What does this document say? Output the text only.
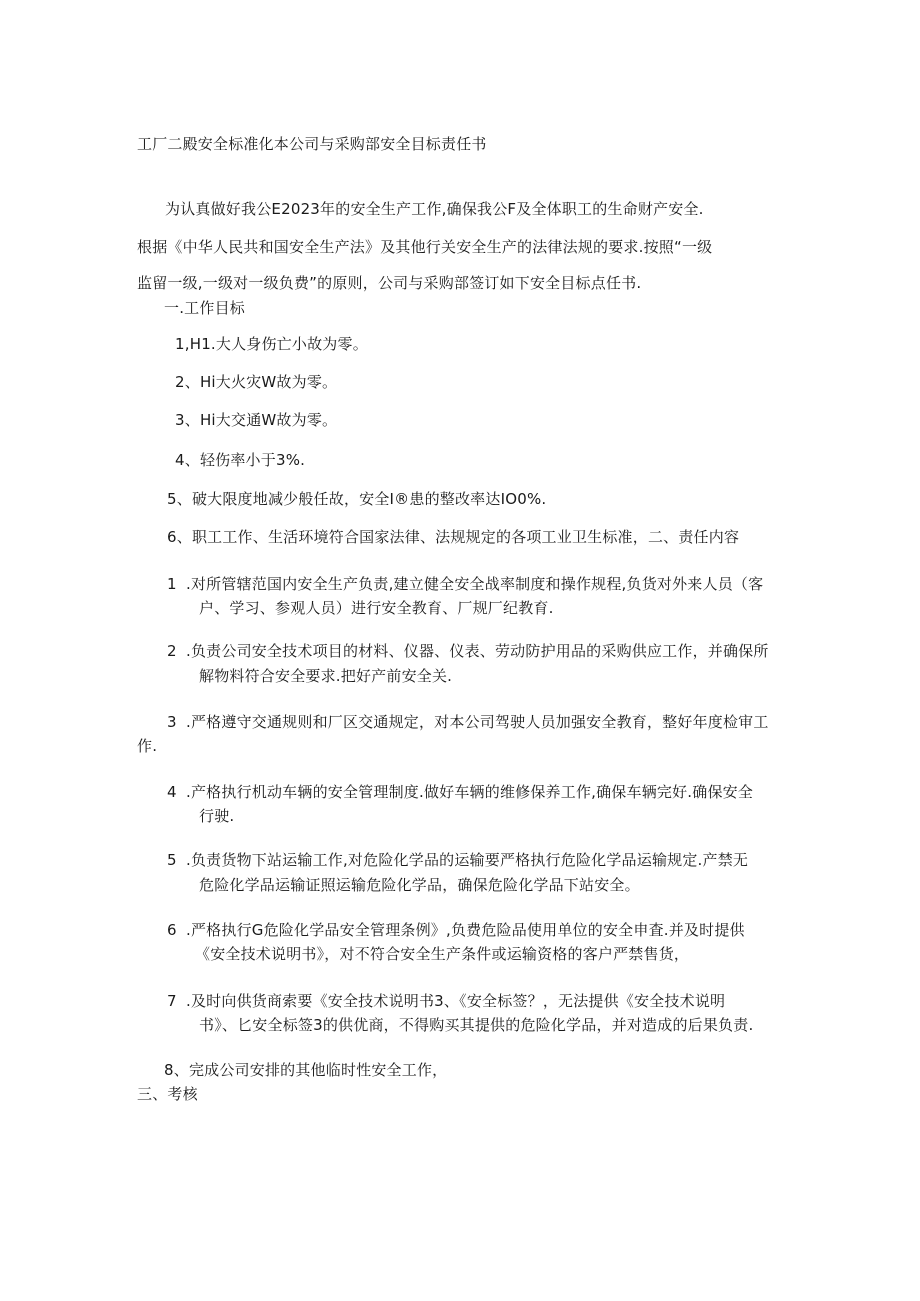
工厂二殿安全标准化本公司与采购部安全目标责任书
为认真做好我公E2023年的安全生产工作,确保我公F及全体职工的生命财产安全.
根据《中华人民共和国安全生产法》及其他行关安全生产的法律法规的要求.按照“一级
监留一级,一级对一级负费”的原则，公司与采购部签订如下安全目标点任书.
一.工作目标
1,H1.大人身伤亡小故为零。
2、Hi大火灾W故为零。
3、Hi大交通W故为零。
4、轻伤率小于3%.
5、破大限度地减少般任故，安全I®患的整改率达IO0%.
6、职工工作、生活环境符合国家法律、法规规定的各项工业卫生标准，二、责任内容
1 .对所管辖范国内安全生产负责,建立健全安全战率制度和操作规程,负货对外来人员（客
户、学习、参观人员）进行安全教育、厂规厂纪教育.
2 .负责公司安全技术项目的材料、仪器、仪表、劳动防护用品的采购供应工作，并确保所
解物料符合安全要求.把好产前安全关.
3 .严格遵守交通规则和厂区交通规定，对本公司驾驶人员加强安全教育，整好年度检审工
作.
4 .产格执行机动车辆的安全管理制度.做好车辆的维修保养工作,确保车辆完好.确保安全
行驶.
5 .负责货物下站运输工作,对危险化学品的运输要严格执行危险化学品运输规定.产禁无
危险化学品运输证照运输危险化学品，确保危险化学品下站安全。
6 .严格执行G危险化学品安全管理条例》,负费危险品使用单位的安全申査.并及时提供
《安全技术说明书》，对不符合安全生产条件或运输资格的客户严禁售货，
7 .及时向供货商索要《安全技术说明书3、《安全标签？，无法提供《安全技术说明
书》、匕安全标签3的供优商，不得购买其提供的危险化学品，并对造成的后果负责.
8、完成公司安排的其他临时性安全工作，
三、考核
